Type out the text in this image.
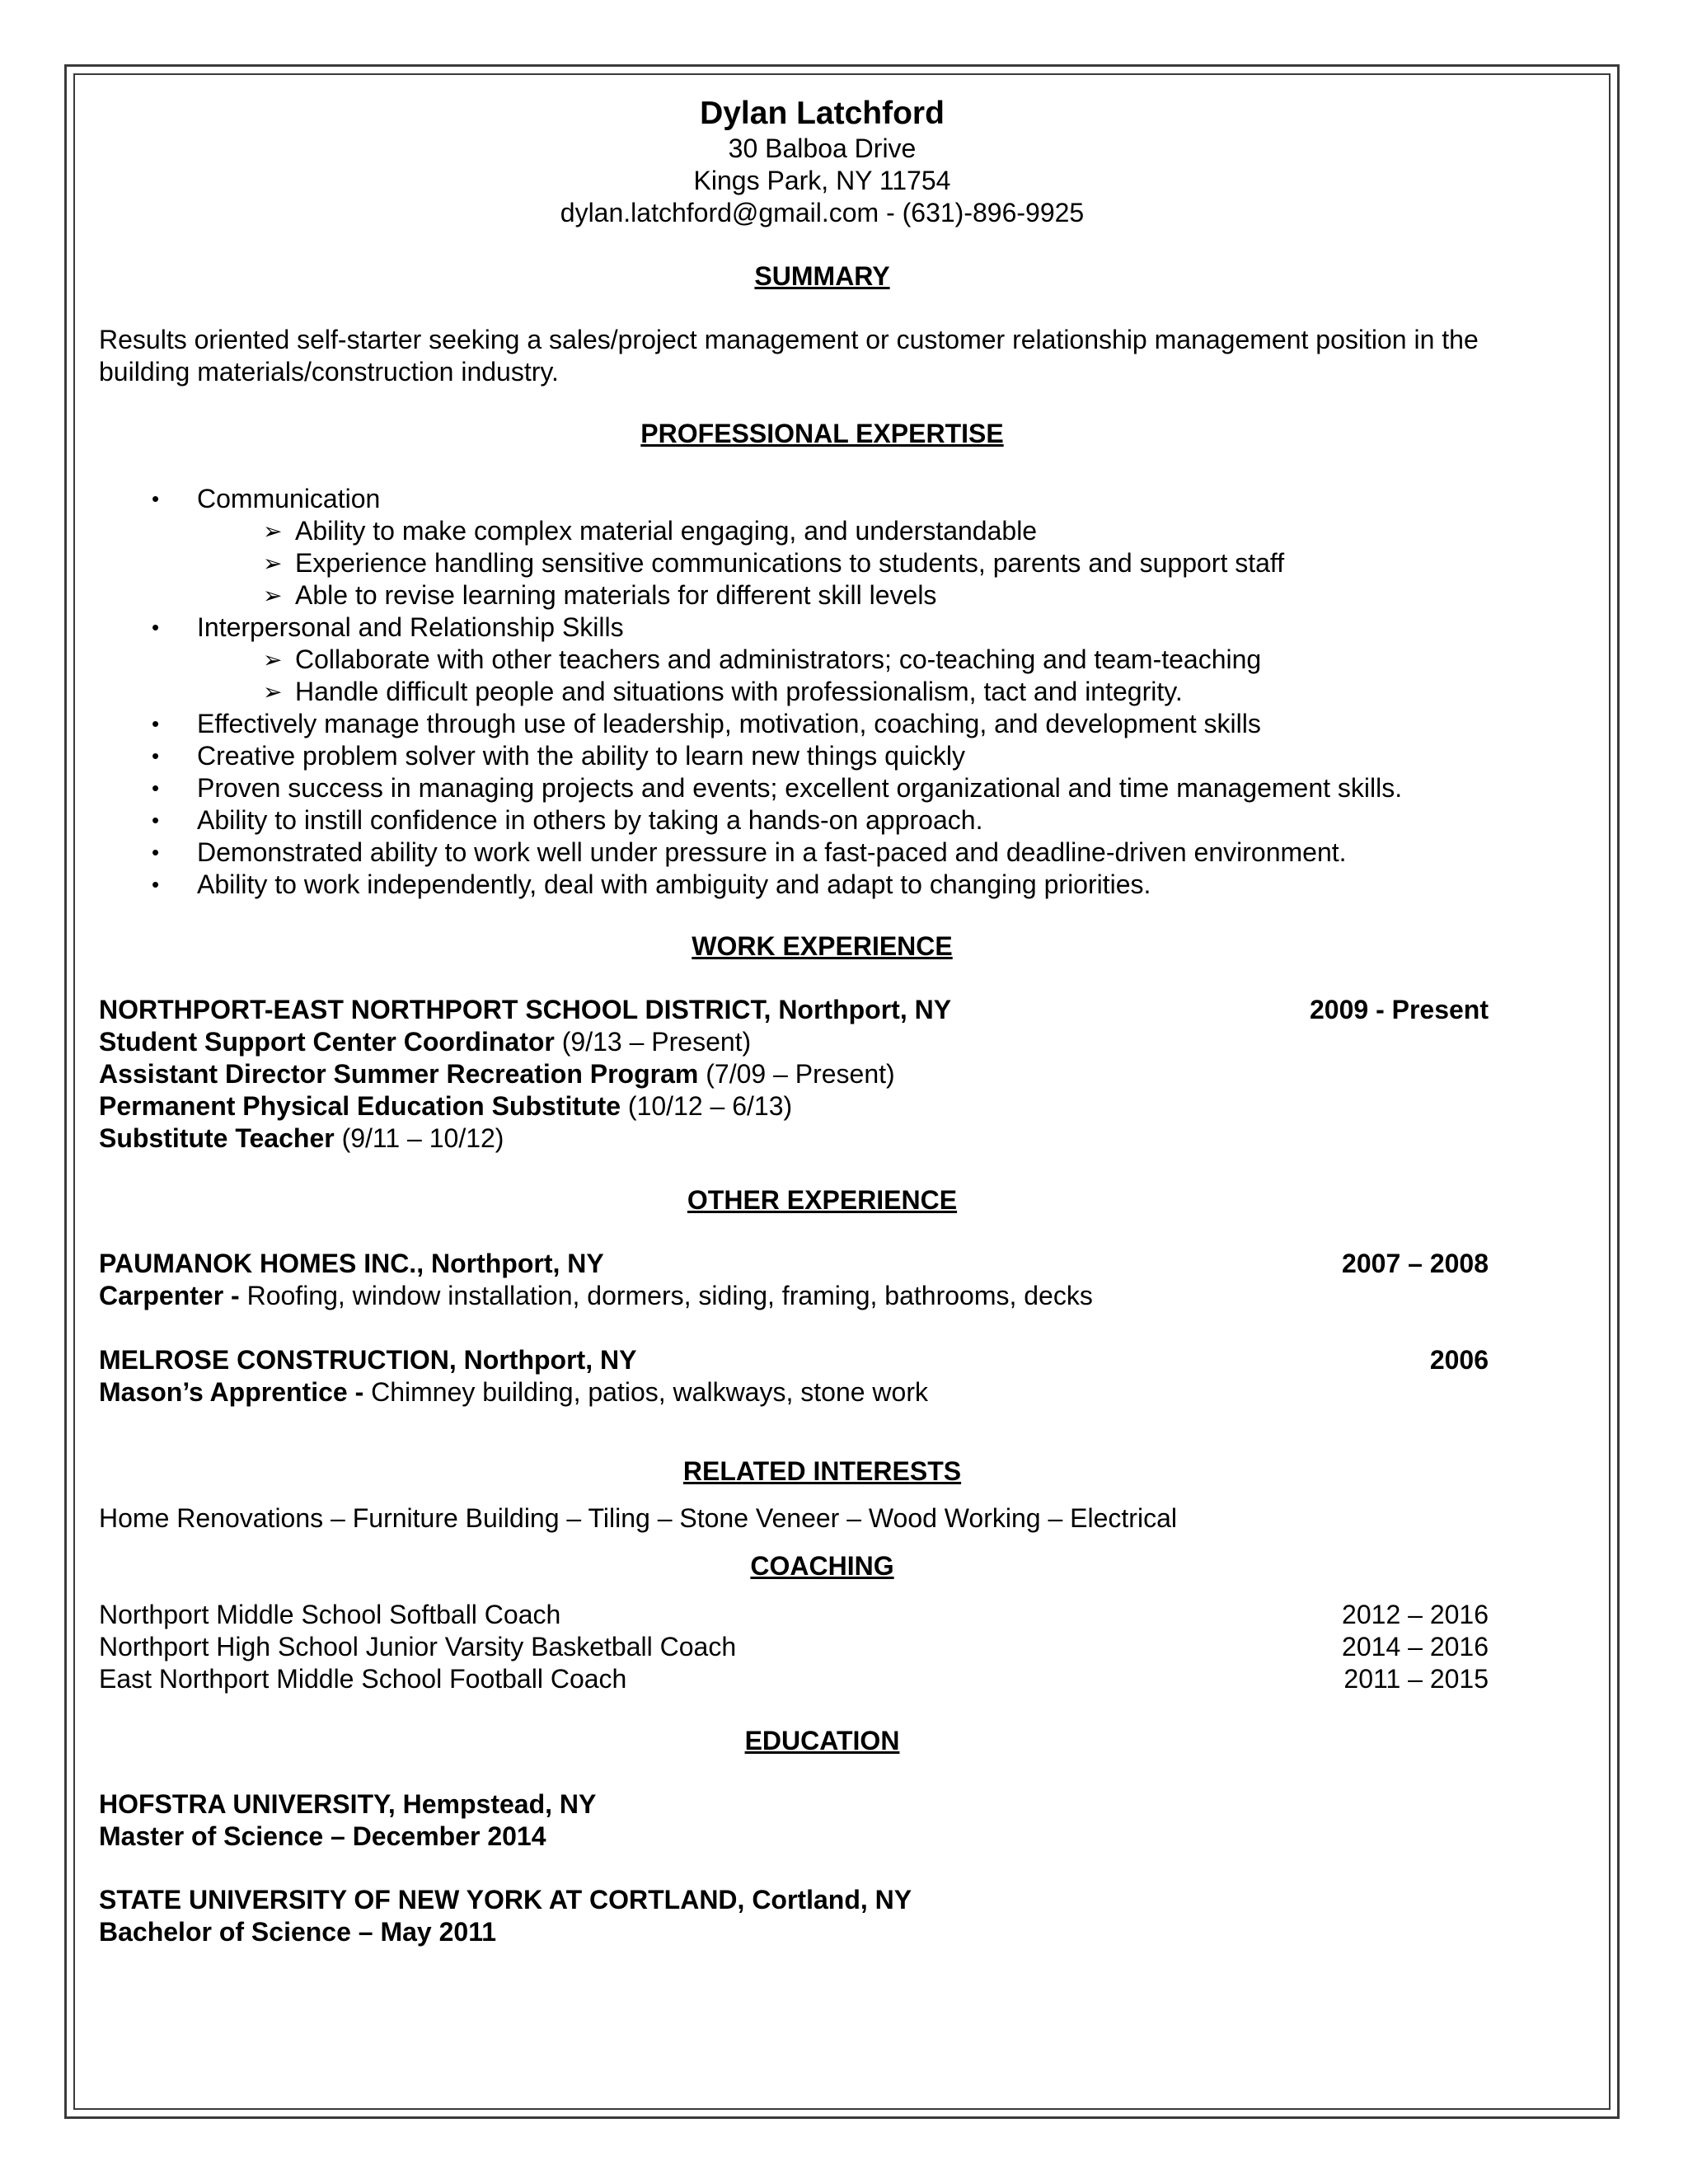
Dylan Latchford
30 Balboa Drive
Kings Park, NY 11754
dylan.latchford@gmail.com - (631)-896-9925
SUMMARY
Results oriented self-starter seeking a sales/project management or customer relationship management position in the building materials/construction industry.
PROFESSIONAL EXPERTISE
• Communication
➢ Ability to make complex material engaging, and understandable
➢ Experience handling sensitive communications to students, parents and support staff
➢ Able to revise learning materials for different skill levels
• Interpersonal and Relationship Skills
➢ Collaborate with other teachers and administrators; co-teaching and team-teaching
➢ Handle difficult people and situations with professionalism, tact and integrity.
• Effectively manage through use of leadership, motivation, coaching, and development skills
• Creative problem solver with the ability to learn new things quickly
• Proven success in managing projects and events; excellent organizational and time management skills.
• Ability to instill confidence in others by taking a hands-on approach.
• Demonstrated ability to work well under pressure in a fast-paced and deadline-driven environment.
• Ability to work independently, deal with ambiguity and adapt to changing priorities.
WORK EXPERIENCE
NORTHPORT-EAST NORTHPORT SCHOOL DISTRICT, Northport, NY	2009 - Present
Student Support Center Coordinator (9/13 – Present)
Assistant Director Summer Recreation Program (7/09 – Present)
Permanent Physical Education Substitute (10/12 – 6/13)
Substitute Teacher (9/11 – 10/12)
OTHER EXPERIENCE
PAUMANOK HOMES INC., Northport, NY	2007 – 2008
Carpenter - Roofing, window installation, dormers, siding, framing, bathrooms, decks
MELROSE CONSTRUCTION, Northport, NY	2006
Mason’s Apprentice - Chimney building, patios, walkways, stone work
RELATED INTERESTS
Home Renovations – Furniture Building – Tiling – Stone Veneer – Wood Working – Electrical
COACHING
Northport Middle School Softball Coach	2012 – 2016
Northport High School Junior Varsity Basketball Coach	2014 – 2016
East Northport Middle School Football Coach	2011 – 2015
EDUCATION
HOFSTRA UNIVERSITY, Hempstead, NY
Master of Science – December 2014
STATE UNIVERSITY OF NEW YORK AT CORTLAND, Cortland, NY
Bachelor of Science – May 2011
